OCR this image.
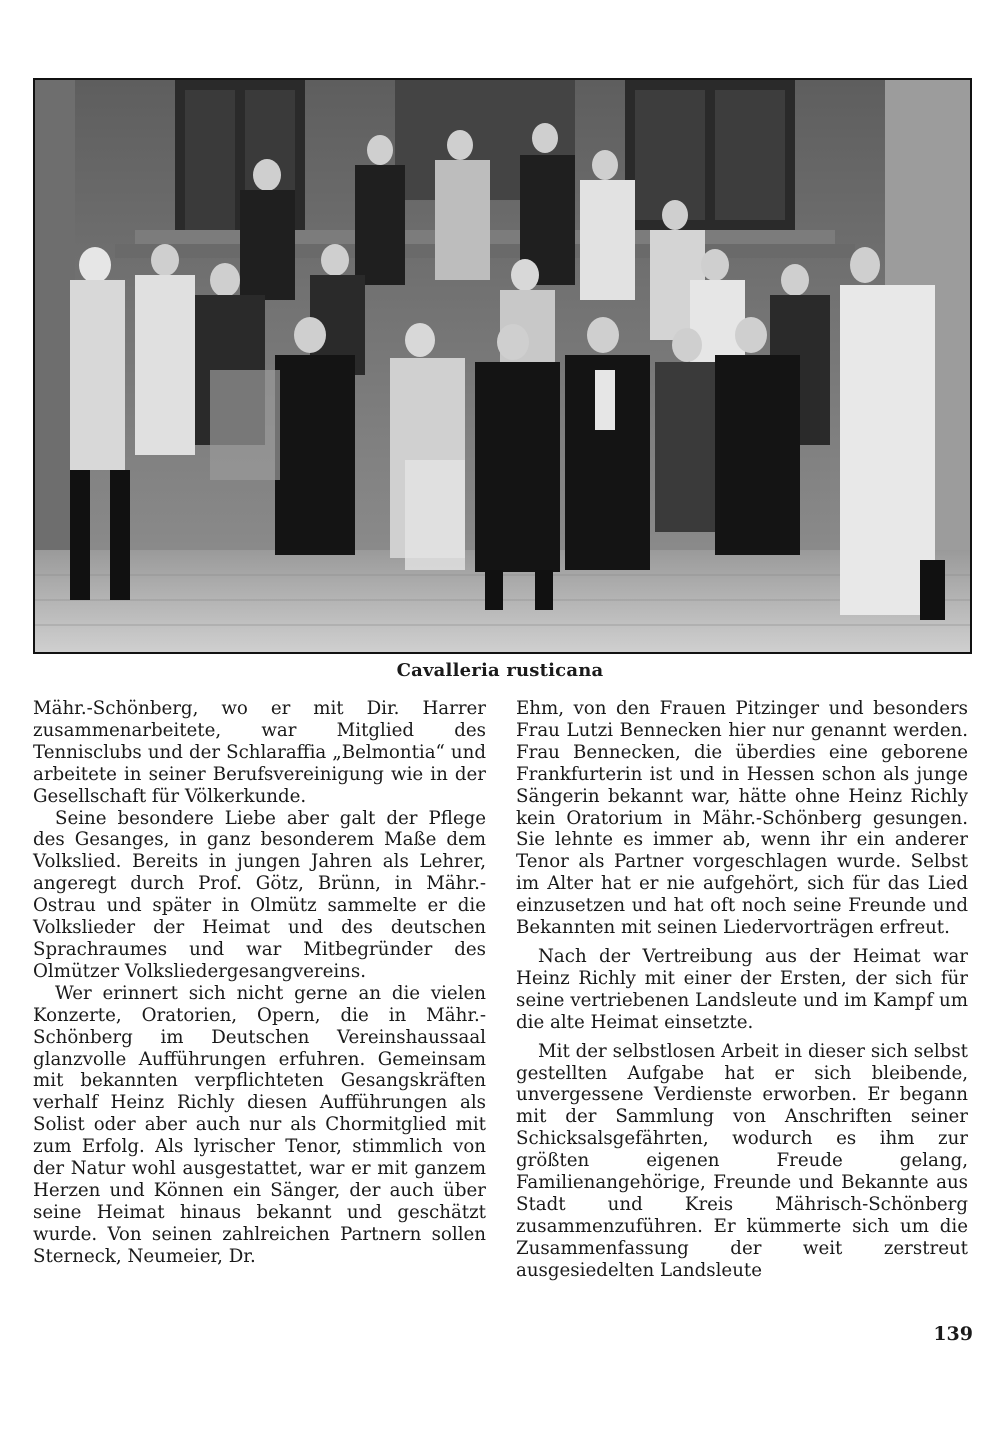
Cavalleria rusticana

Mähr.-Schönberg, wo er mit Dir. Harrer zusammenarbeitete, war Mitglied des Tennisclubs und der Schlaraffia „Belmontia“ und arbeitete in seiner Berufsvereinigung wie in der Gesellschaft für Völkerkunde.

Seine besondere Liebe aber galt der Pflege des Gesanges, in ganz besonderem Maße dem Volkslied. Bereits in jungen Jahren als Lehrer, angeregt durch Prof. Götz, Brünn, in Mähr.-Ostrau und später in Olmütz sammelte er die Volkslieder der Heimat und des deutschen Sprachraumes und war Mitbegründer des Olmützer Volksliedergesangvereins.

Wer erinnert sich nicht gerne an die vielen Konzerte, Oratorien, Opern, die in Mähr.-Schönberg im Deutschen Vereinshaussaal glanzvolle Aufführungen erfuhren. Gemeinsam mit bekannten verpflichteten Gesangskräften verhalf Heinz Richly diesen Aufführungen als Solist oder aber auch nur als Chormitglied mit zum Erfolg. Als lyrischer Tenor, stimmlich von der Natur wohl ausgestattet, war er mit ganzem Herzen und Können ein Sänger, der auch über seine Heimat hinaus bekannt und geschätzt wurde. Von seinen zahlreichen Partnern sollen Sterneck, Neumeier, Dr.

Ehm, von den Frauen Pitzinger und besonders Frau Lutzi Bennecken hier nur genannt werden. Frau Bennecken, die überdies eine geborene Frankfurterin ist und in Hessen schon als junge Sängerin bekannt war, hätte ohne Heinz Richly kein Oratorium in Mähr.-Schönberg gesungen. Sie lehnte es immer ab, wenn ihr ein anderer Tenor als Partner vorgeschlagen wurde. Selbst im Alter hat er nie aufgehört, sich für das Lied einzusetzen und hat oft noch seine Freunde und Bekannten mit seinen Liedervorträgen erfreut.

Nach der Vertreibung aus der Heimat war Heinz Richly mit einer der Ersten, der sich für seine vertriebenen Landsleute und im Kampf um die alte Heimat einsetzte.

Mit der selbstlosen Arbeit in dieser sich selbst gestellten Aufgabe hat er sich bleibende, unvergessene Verdienste erworben. Er begann mit der Sammlung von Anschriften seiner Schicksalsgefährten, wodurch es ihm zur größten eigenen Freude gelang, Familienangehörige, Freunde und Bekannte aus Stadt und Kreis Mährisch-Schönberg zusammenzuführen. Er kümmerte sich um die Zusammenfassung der weit zerstreut ausgesiedelten Landsleute

139
